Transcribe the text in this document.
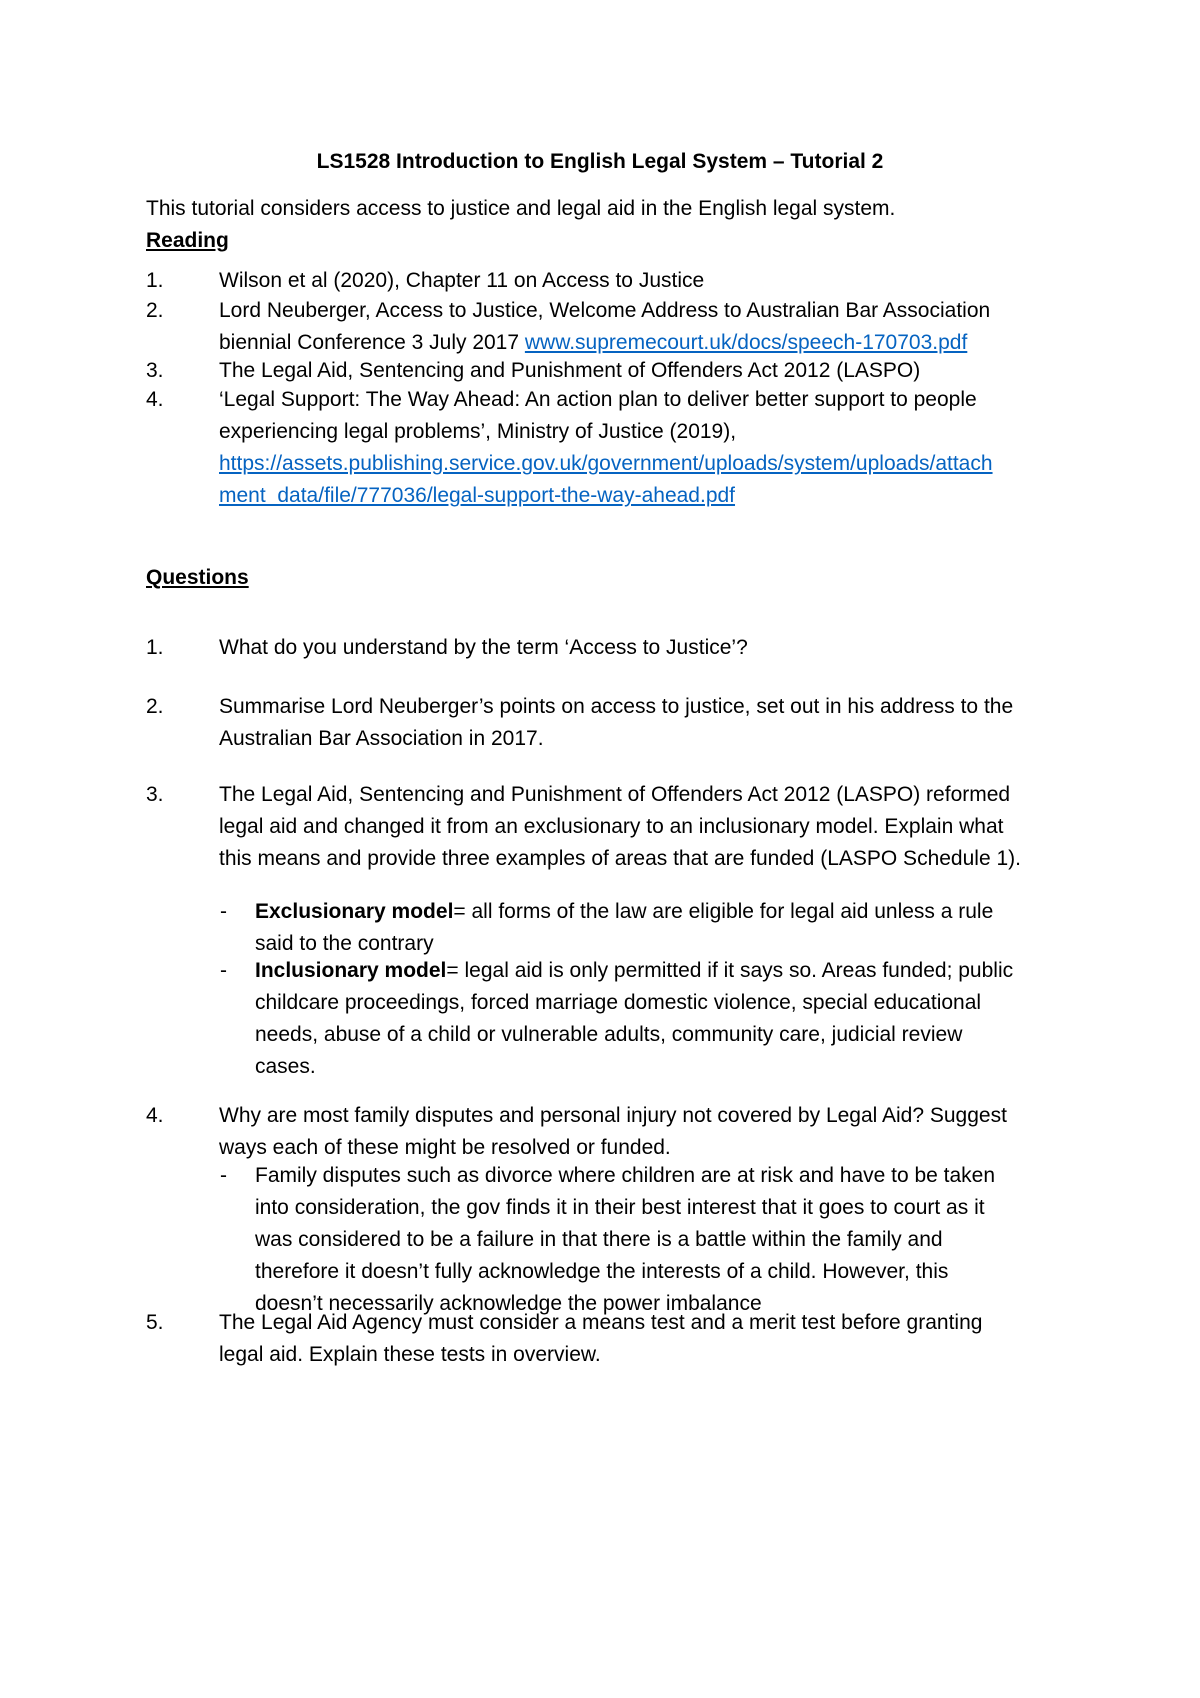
LS1528 Introduction to English Legal System – Tutorial 2
This tutorial considers access to justice and legal aid in the English legal system.
Reading
1.	Wilson et al (2020), Chapter 11 on Access to Justice
2.	Lord Neuberger, Access to Justice, Welcome Address to Australian Bar Association
biennial Conference 3 July 2017 www.supremecourt.uk/docs/speech-170703.pdf
3.	The Legal Aid, Sentencing and Punishment of Offenders Act 2012 (LASPO)
4.	‘Legal Support: The Way Ahead: An action plan to deliver better support to people
experiencing legal problems’, Ministry of Justice (2019),
https://assets.publishing.service.gov.uk/government/uploads/system/uploads/attach
ment_data/file/777036/legal-support-the-way-ahead.pdf
Questions
1.	What do you understand by the term ‘Access to Justice’?
2.	Summarise Lord Neuberger’s points on access to justice, set out in his address to the
Australian Bar Association in 2017.
3.	The Legal Aid, Sentencing and Punishment of Offenders Act 2012 (LASPO) reformed
legal aid and changed it from an exclusionary to an inclusionary model. Explain what
this means and provide three examples of areas that are funded (LASPO Schedule 1).
- Exclusionary model= all forms of the law are eligible for legal aid unless a rule
said to the contrary
- Inclusionary model= legal aid is only permitted if it says so. Areas funded; public
childcare proceedings, forced marriage domestic violence, special educational
needs, abuse of a child or vulnerable adults, community care, judicial review
cases.
4.	Why are most family disputes and personal injury not covered by Legal Aid? Suggest
ways each of these might be resolved or funded.
- Family disputes such as divorce where children are at risk and have to be taken
into consideration, the gov finds it in their best interest that it goes to court as it
was considered to be a failure in that there is a battle within the family and
therefore it doesn’t fully acknowledge the interests of a child. However, this
doesn’t necessarily acknowledge the power imbalance
5.	The Legal Aid Agency must consider a means test and a merit test before granting
legal aid. Explain these tests in overview.
